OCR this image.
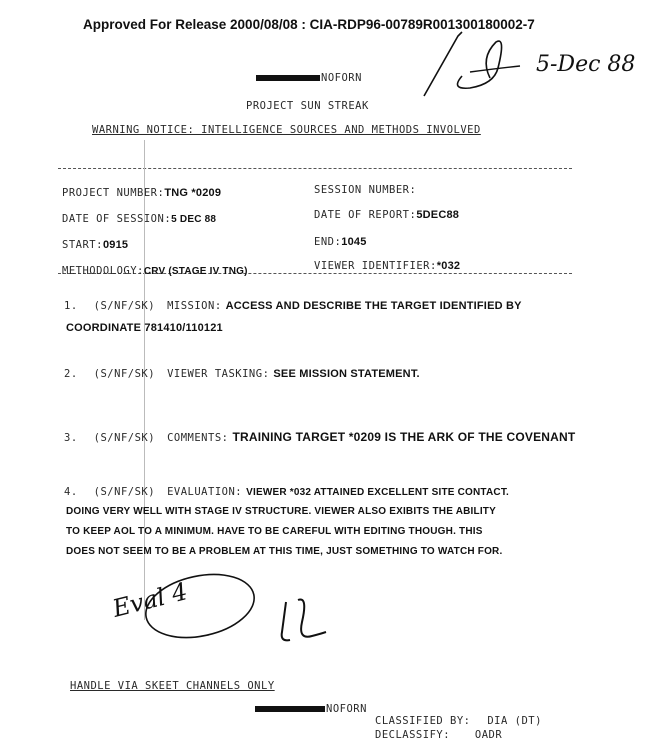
Approved For Release 2000/08/08 : CIA-RDP96-00789R001300180002-7
5-Dec 88
NOFORN
PROJECT SUN STREAK
WARNING NOTICE: INTELLIGENCE SOURCES AND METHODS INVOLVED
PROJECT NUMBER:TNG *0209	SESSION NUMBER:
DATE OF SESSION:5 DEC 88	DATE OF REPORT:5DEC88
START:0915	END:1045
METHODOLOGY:CRV (STAGE IV TNG)	VIEWER IDENTIFIER:*032
1. (S/NF/SK) MISSION: ACCESS AND DESCRIBE THE TARGET IDENTIFIED BY
COORDINATE 781410/110121
2. (S/NF/SK) VIEWER TASKING: SEE MISSION STATEMENT.
3. (S/NF/SK) COMMENTS: TRAINING TARGET *0209 IS THE ARK OF THE COVENANT
4. (S/NF/SK) EVALUATION: VIEWER *032 ATTAINED EXCELLENT SITE CONTACT.
DOING VERY WELL WITH STAGE IV STRUCTURE. VIEWER ALSO EXIBITS THE ABILITY
TO KEEP AOL TO A MINIMUM. HAVE TO BE CAREFUL WITH EDITING THOUGH. THIS
DOES NOT SEEM TO BE A PROBLEM AT THIS TIME, JUST SOMETHING TO WATCH FOR.
Eval 4
HANDLE VIA SKEET CHANNELS ONLY
NOFORN
CLASSIFIED BY: DIA (DT)
DECLASSIFY: OADR
